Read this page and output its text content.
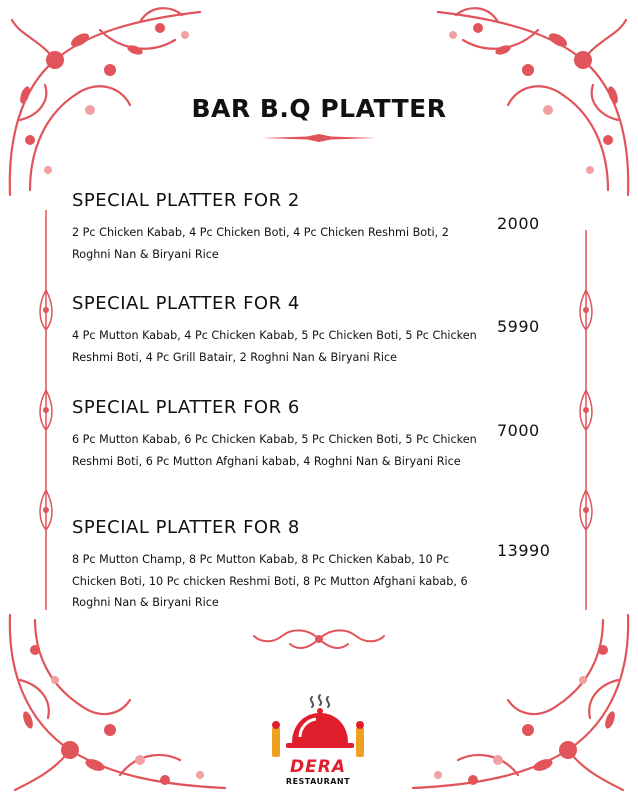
BAR B.Q PLATTER

SPECIAL PLATTER FOR 2

2 Pc Chicken Kabab, 4 Pc Chicken Boti, 4 Pc Chicken Reshmi Boti, 2 Roghni Nan & Biryani Rice

2000

SPECIAL PLATTER FOR 4

4 Pc Mutton Kabab, 4 Pc Chicken Kabab, 5 Pc Chicken Boti, 5 Pc Chicken Reshmi Boti, 4 Pc Grill Batair, 2 Roghni Nan & Biryani Rice

5990

SPECIAL PLATTER FOR 6

6 Pc Mutton Kabab, 6 Pc Chicken Kabab, 5 Pc Chicken Boti, 5 Pc Chicken Reshmi Boti, 6 Pc Mutton Afghani kabab, 4 Roghni Nan & Biryani Rice

7000

SPECIAL PLATTER FOR 8

8 Pc Mutton Champ, 8 Pc Mutton Kabab, 8 Pc Chicken Kabab, 10 Pc Chicken Boti, 10 Pc chicken Reshmi Boti, 8 Pc Mutton Afghani kabab, 6 Roghni Nan & Biryani Rice

13990
DERA
RESTAURANT
